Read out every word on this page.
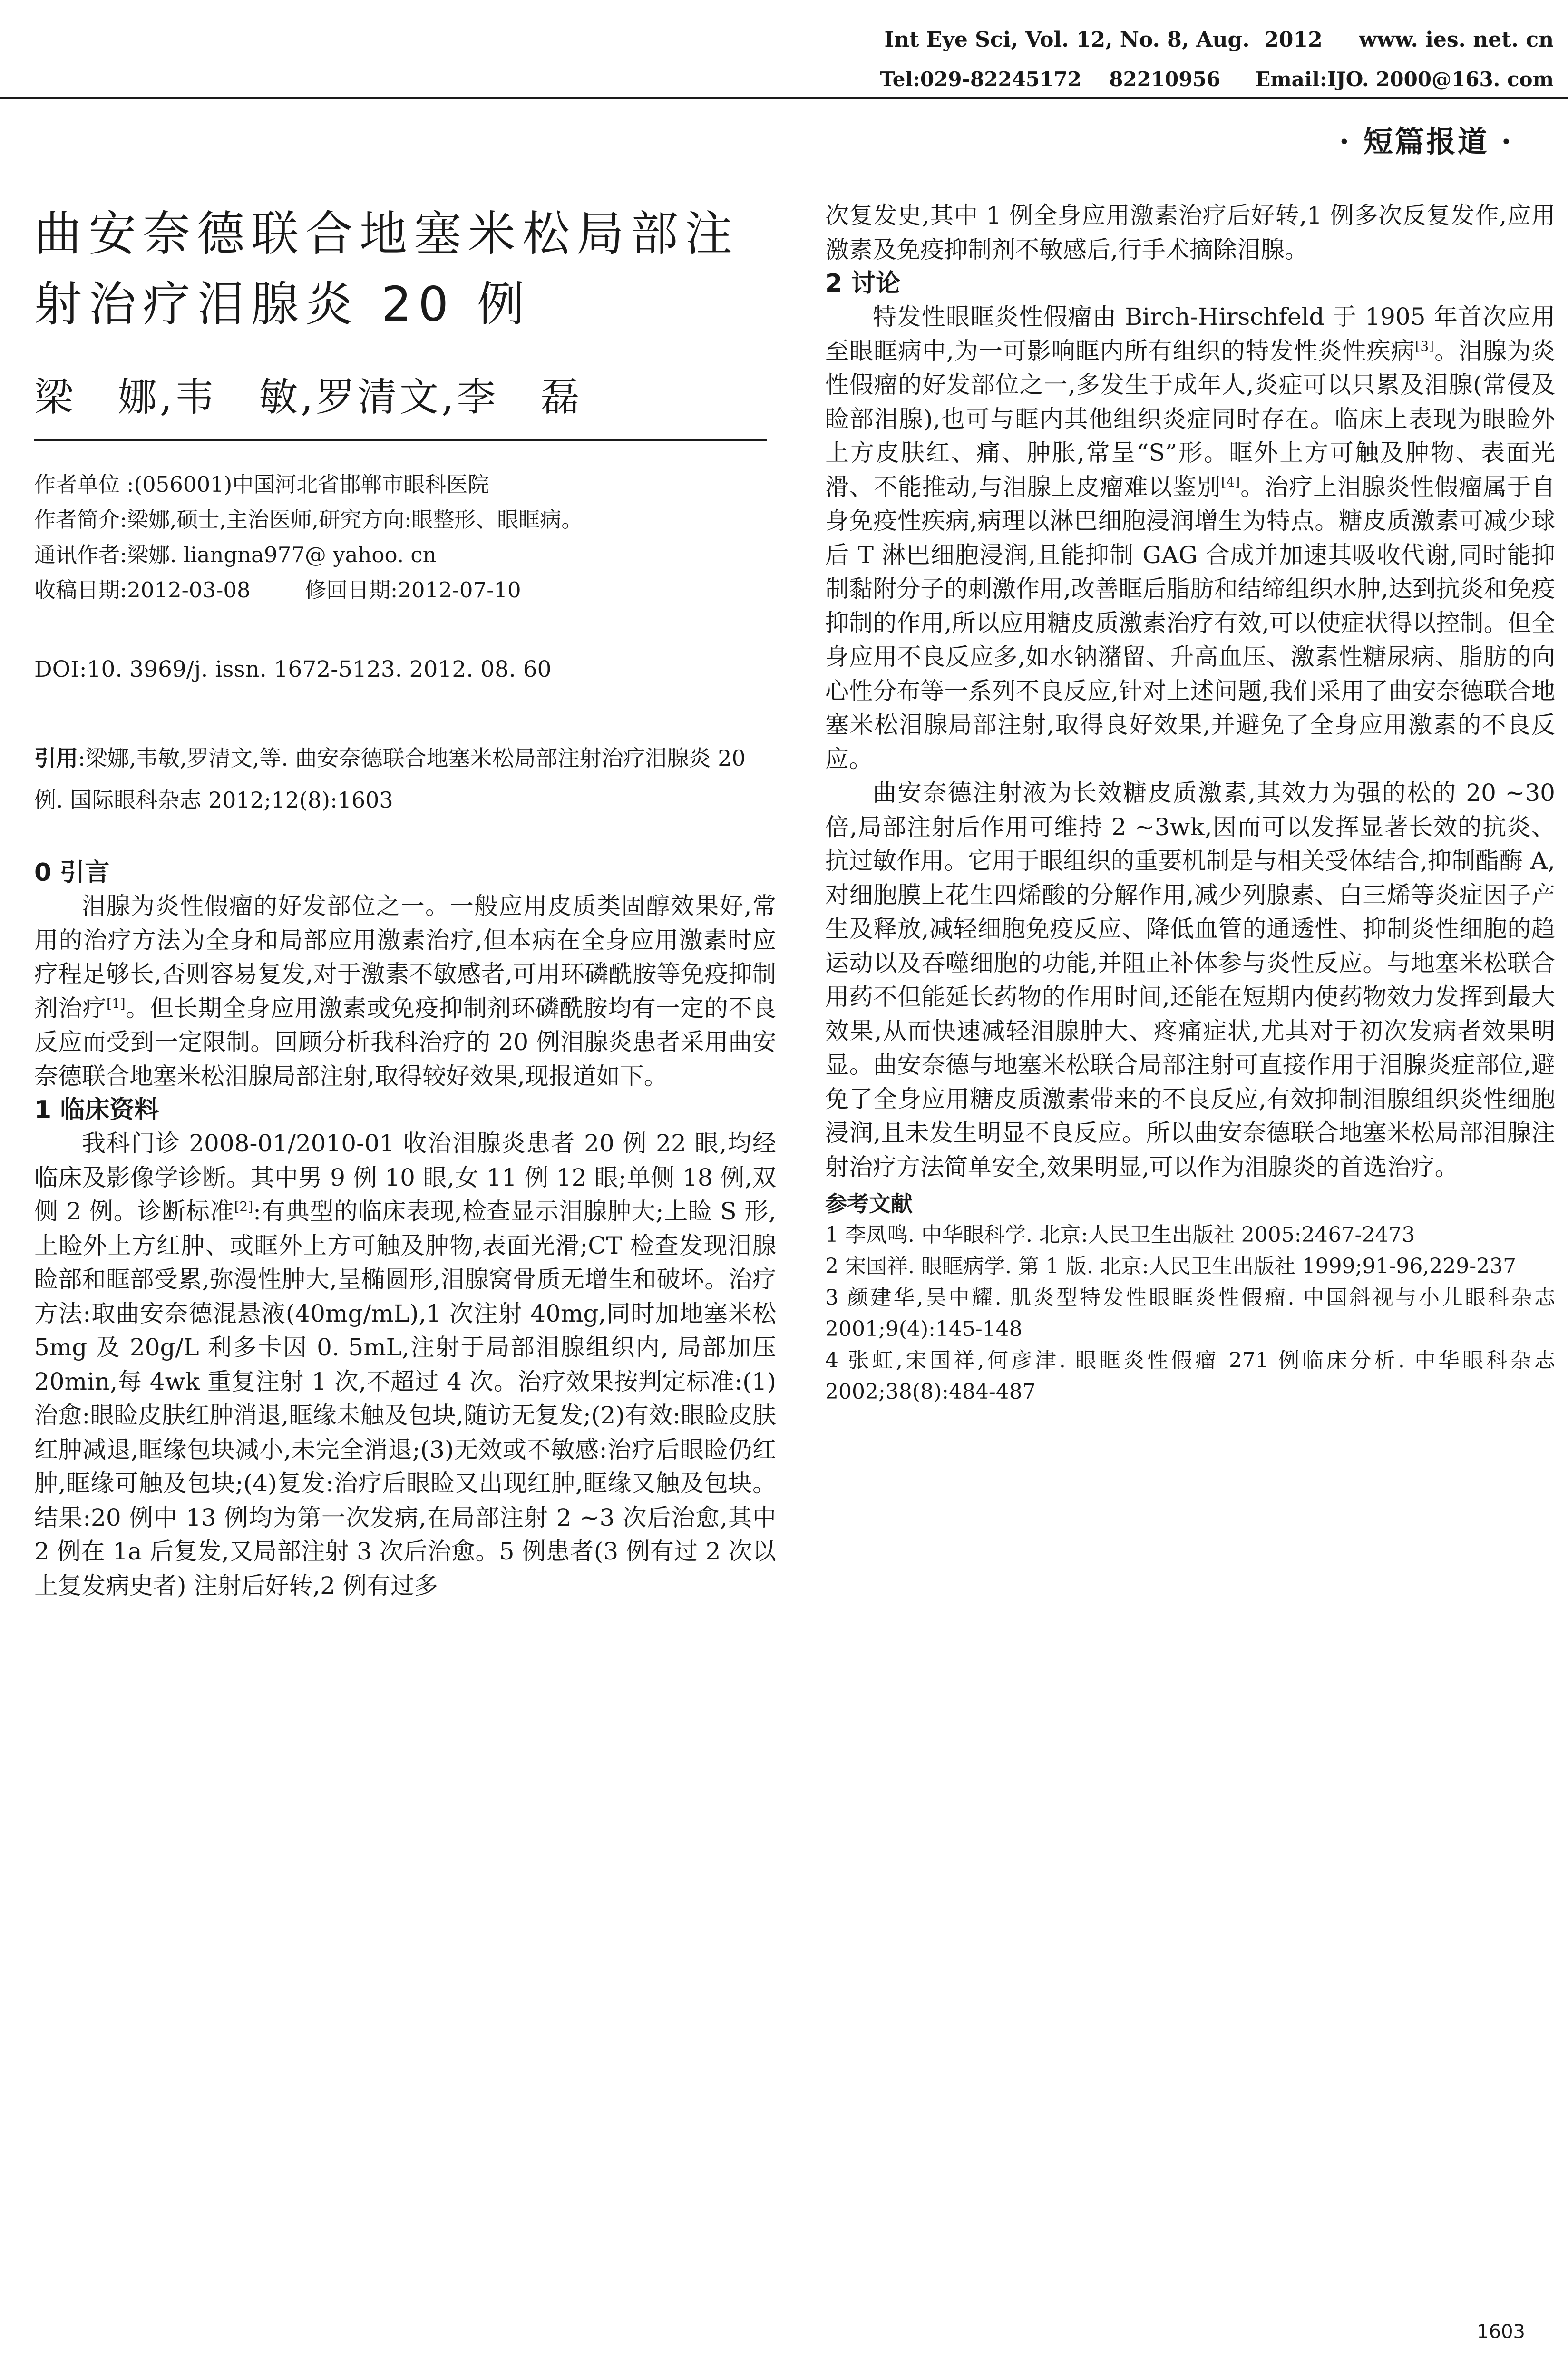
Int Eye Sci, Vol. 12, No. 8, Aug.  2012     www. ies. net. cn
Tel:029-82245172    82210956     Email:IJO. 2000@163. com
· 短篇报道 ·
曲安奈德联合地塞米松局部注射治疗泪腺炎 20 例
梁　娜,韦　敏,罗清文,李　磊
作者单位 :(056001)中国河北省邯郸市眼科医院
作者简介:梁娜,硕士,主治医师,研究方向:眼整形、眼眶病。
通讯作者:梁娜. liangna977@ yahoo. cn
收稿日期:2012-03-08        修回日期:2012-07-10
DOI:10. 3969/j. issn. 1672-5123. 2012. 08. 60
引用:梁娜,韦敏,罗清文,等. 曲安奈德联合地塞米松局部注射治疗泪腺炎 20 例. 国际眼科杂志 2012;12(8):1603
0 引言

泪腺为炎性假瘤的好发部位之一。一般应用皮质类固醇效果好,常用的治疗方法为全身和局部应用激素治疗,但本病在全身应用激素时应疗程足够长,否则容易复发,对于激素不敏感者,可用环磷酰胺等免疫抑制剂治疗[1]。但长期全身应用激素或免疫抑制剂环磷酰胺均有一定的不良反应而受到一定限制。回顾分析我科治疗的 20 例泪腺炎患者采用曲安奈德联合地塞米松泪腺局部注射,取得较好效果,现报道如下。

1 临床资料

我科门诊 2008-01/2010-01 收治泪腺炎患者 20 例 22 眼,均经临床及影像学诊断。其中男 9 例 10 眼,女 11 例 12 眼;单侧 18 例,双侧 2 例。诊断标准[2]:有典型的临床表现,检查显示泪腺肿大;上睑 S 形,上睑外上方红肿、或眶外上方可触及肿物,表面光滑;CT 检查发现泪腺睑部和眶部受累,弥漫性肿大,呈椭圆形,泪腺窝骨质无增生和破坏。治疗方法:取曲安奈德混悬液(40mg/mL),1 次注射 40mg,同时加地塞米松 5mg 及 20g/L 利多卡因 0. 5mL,注射于局部泪腺组织内, 局部加压 20min,每 4wk 重复注射 1 次,不超过 4 次。治疗效果按判定标准:(1)治愈:眼睑皮肤红肿消退,眶缘未触及包块,随访无复发;(2)有效:眼睑皮肤红肿减退,眶缘包块减小,未完全消退;(3)无效或不敏感:治疗后眼睑仍红肿,眶缘可触及包块;(4)复发:治疗后眼睑又出现红肿,眶缘又触及包块。结果:20 例中 13 例均为第一次发病,在局部注射 2 ~3 次后治愈,其中 2 例在 1a 后复发,又局部注射 3 次后治愈。5 例患者(3 例有过 2 次以上复发病史者) 注射后好转,2 例有过多

次复发史,其中 1 例全身应用激素治疗后好转,1 例多次反复发作,应用激素及免疫抑制剂不敏感后,行手术摘除泪腺。

2 讨论

特发性眼眶炎性假瘤由 Birch-Hirschfeld 于 1905 年首次应用至眼眶病中,为一可影响眶内所有组织的特发性炎性疾病[3]。泪腺为炎性假瘤的好发部位之一,多发生于成年人,炎症可以只累及泪腺(常侵及睑部泪腺),也可与眶内其他组织炎症同时存在。临床上表现为眼睑外上方皮肤红、痛、肿胀,常呈“S”形。眶外上方可触及肿物、表面光滑、不能推动,与泪腺上皮瘤难以鉴别[4]。治疗上泪腺炎性假瘤属于自身免疫性疾病,病理以淋巴细胞浸润增生为特点。糖皮质激素可减少球后 T 淋巴细胞浸润,且能抑制 GAG 合成并加速其吸收代谢,同时能抑制黏附分子的刺激作用,改善眶后脂肪和结缔组织水肿,达到抗炎和免疫抑制的作用,所以应用糖皮质激素治疗有效,可以使症状得以控制。但全身应用不良反应多,如水钠潴留、升高血压、激素性糖尿病、脂肪的向心性分布等一系列不良反应,针对上述问题,我们采用了曲安奈德联合地塞米松泪腺局部注射,取得良好效果,并避免了全身应用激素的不良反应。

曲安奈德注射液为长效糖皮质激素,其效力为强的松的 20 ~30 倍,局部注射后作用可维持 2 ~3wk,因而可以发挥显著长效的抗炎、抗过敏作用。它用于眼组织的重要机制是与相关受体结合,抑制酯酶 A,对细胞膜上花生四烯酸的分解作用,减少列腺素、白三烯等炎症因子产生及释放,减轻细胞免疫反应、降低血管的通透性、抑制炎性细胞的趋运动以及吞噬细胞的功能,并阻止补体参与炎性反应。与地塞米松联合用药不但能延长药物的作用时间,还能在短期内使药物效力发挥到最大效果,从而快速减轻泪腺肿大、疼痛症状,尤其对于初次发病者效果明显。曲安奈德与地塞米松联合局部注射可直接作用于泪腺炎症部位,避免了全身应用糖皮质激素带来的不良反应,有效抑制泪腺组织炎性细胞浸润,且未发生明显不良反应。所以曲安奈德联合地塞米松局部泪腺注射治疗方法简单安全,效果明显,可以作为泪腺炎的首选治疗。

参考文献
1 李凤鸣. 中华眼科学. 北京:人民卫生出版社 2005:2467-2473
2 宋国祥. 眼眶病学. 第 1 版. 北京:人民卫生出版社 1999;91-96,229-237
3 颜建华,吴中耀. 肌炎型特发性眼眶炎性假瘤. 中国斜视与小儿眼科杂志 2001;9(4):145-148
4 张虹,宋国祥,何彦津. 眼眶炎性假瘤 271 例临床分析. 中华眼科杂志 2002;38(8):484-487
1603
